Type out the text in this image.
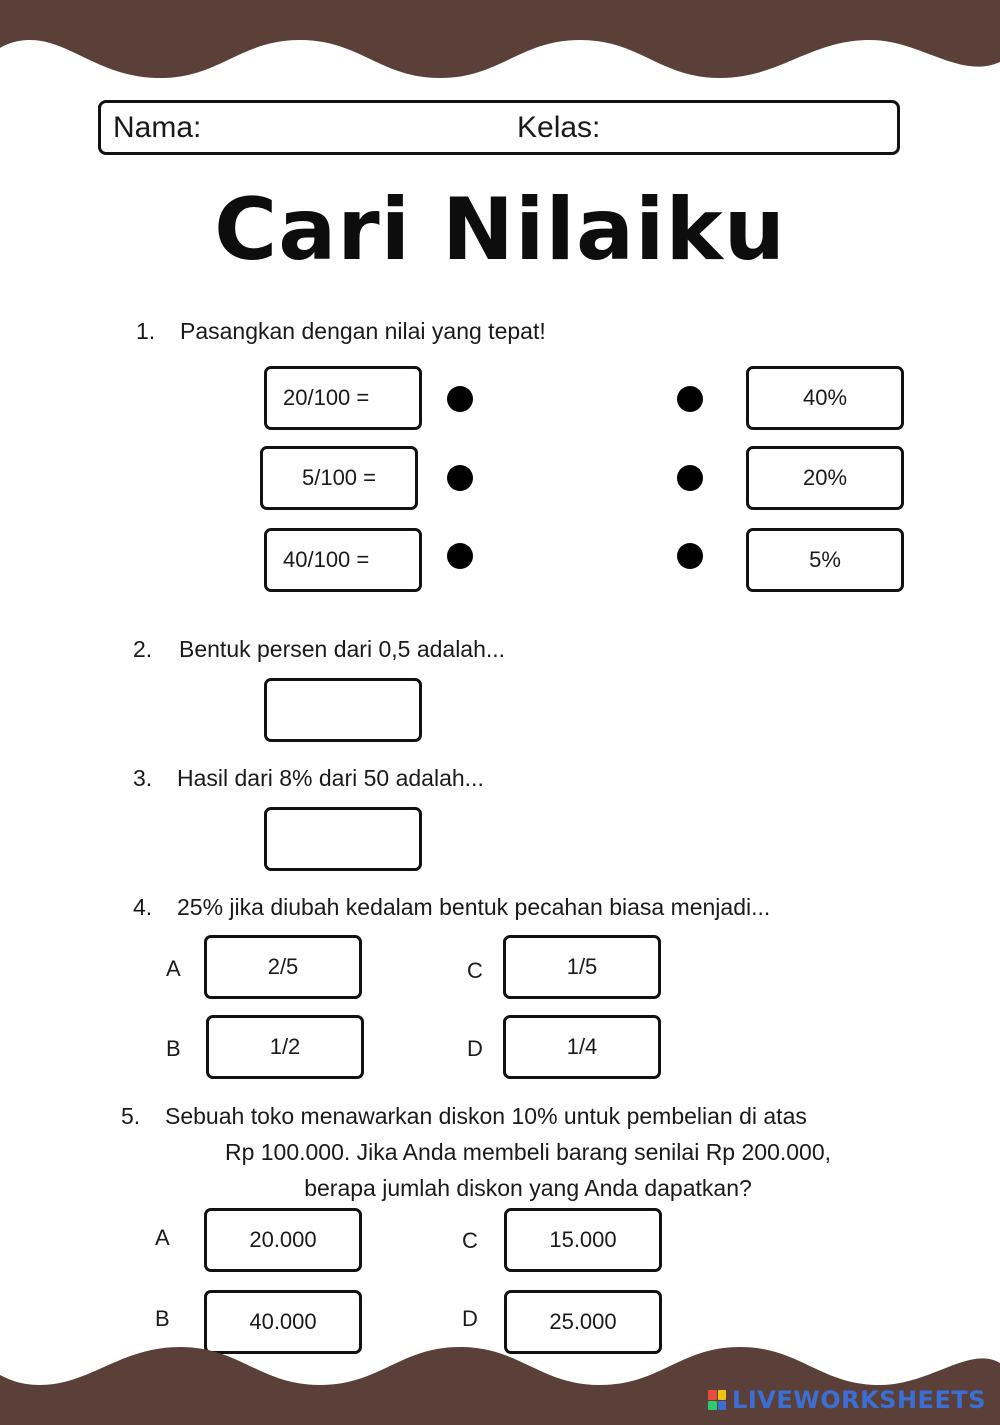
Nama:	Kelas:
Cari Nilaiku
1. Pasangkan dengan nilai yang tepat!
20/100 =
5/100 =
40/100 =
40%
20%
5%
2. Bentuk persen dari 0,5 adalah...
3. Hasil dari 8% dari 50 adalah...
4. 25% jika diubah kedalam bentuk pecahan biasa menjadi...
A	2/5
B	1/2
C	1/5
D	1/4
5. Sebuah toko menawarkan diskon 10% untuk pembelian di atas
Rp 100.000. Jika Anda membeli barang senilai Rp 200.000,
berapa jumlah diskon yang Anda dapatkan?
A	20.000
B	40.000
C	15.000
D	25.000
LIVEWORKSHEETS
